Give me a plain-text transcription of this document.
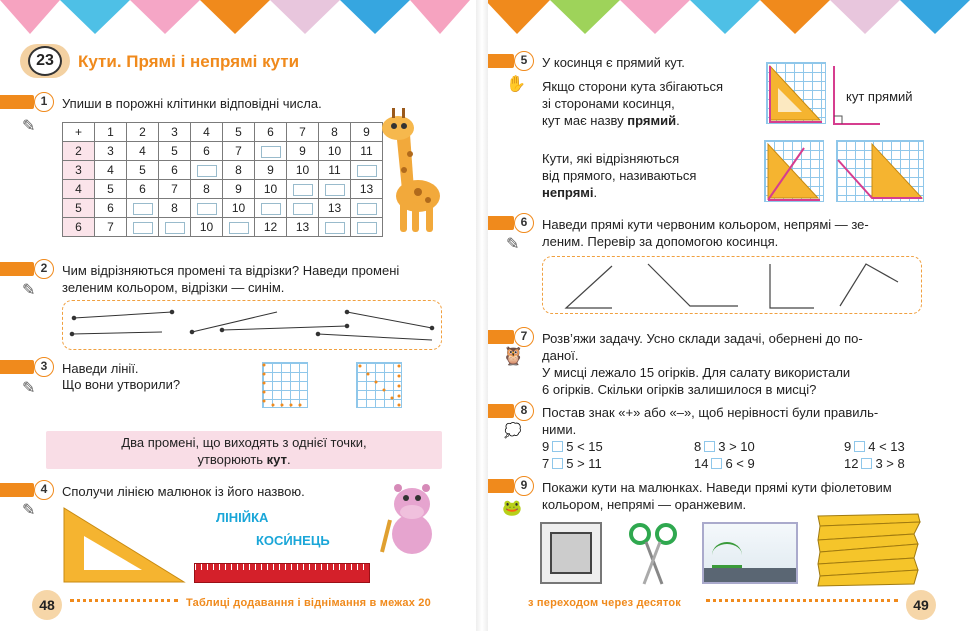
23	Кути. Прямі і непрямі кути
1
✎
Упиши в порожні клітинки відповідні числа.
+	1	2	3	4	5	6	7	8	9
2	3	4	5	6	7		9	10	11
3	4	5	6		8	9	10	11	
4	5	6	7	8	9	10			13
5	6		8		10			13	
6	7			10		12	13		
2
✎
Чим відрізняються промені та відрізки? Наведи промені
зеленим кольором, відрізки — синім.
3
✎
Наведи лінії.
Що вони утворили?
Два промені, що виходять з однієї точки,
утворюють кут.
4
✎
Сполучи лінією малюнок із його назвою.
ЛІНІЙКА
КОСИ́НЕЦЬ
48	Таблиці додавання і віднімання в межах 20
5
✋
У косинця є прямий кут.
Якщо сторони кута збігаються
зі сторонами косинця,
кут має назву прямий.
кут прямий
Кути, які відрізняються
від прямого, називаються
непрямі.
6
✎
Наведи прямі кути червоним кольором, непрямі — зе-
леним. Перевір за допомогою косинця.
7
🦉
Розв’яжи задачу. Усно склади задачі, обернені до по-
даної.
У мисці лежало 15 огірків. Для салату використали
6 огірків. Скільки огірків залишилося в мисці?
8
💭
Постав знак «+» або «–», щоб нерівності були правиль-
ними.
9 5 < 15
7 5 > 11
8 3 > 10
14 6 < 9
9 4 < 13
12 3 > 8
9
🐸
Покажи кути на малюнках. Наведи прямі кути фіолетовим
кольором, непрямі — оранжевим.
з переходом через десяток	49
